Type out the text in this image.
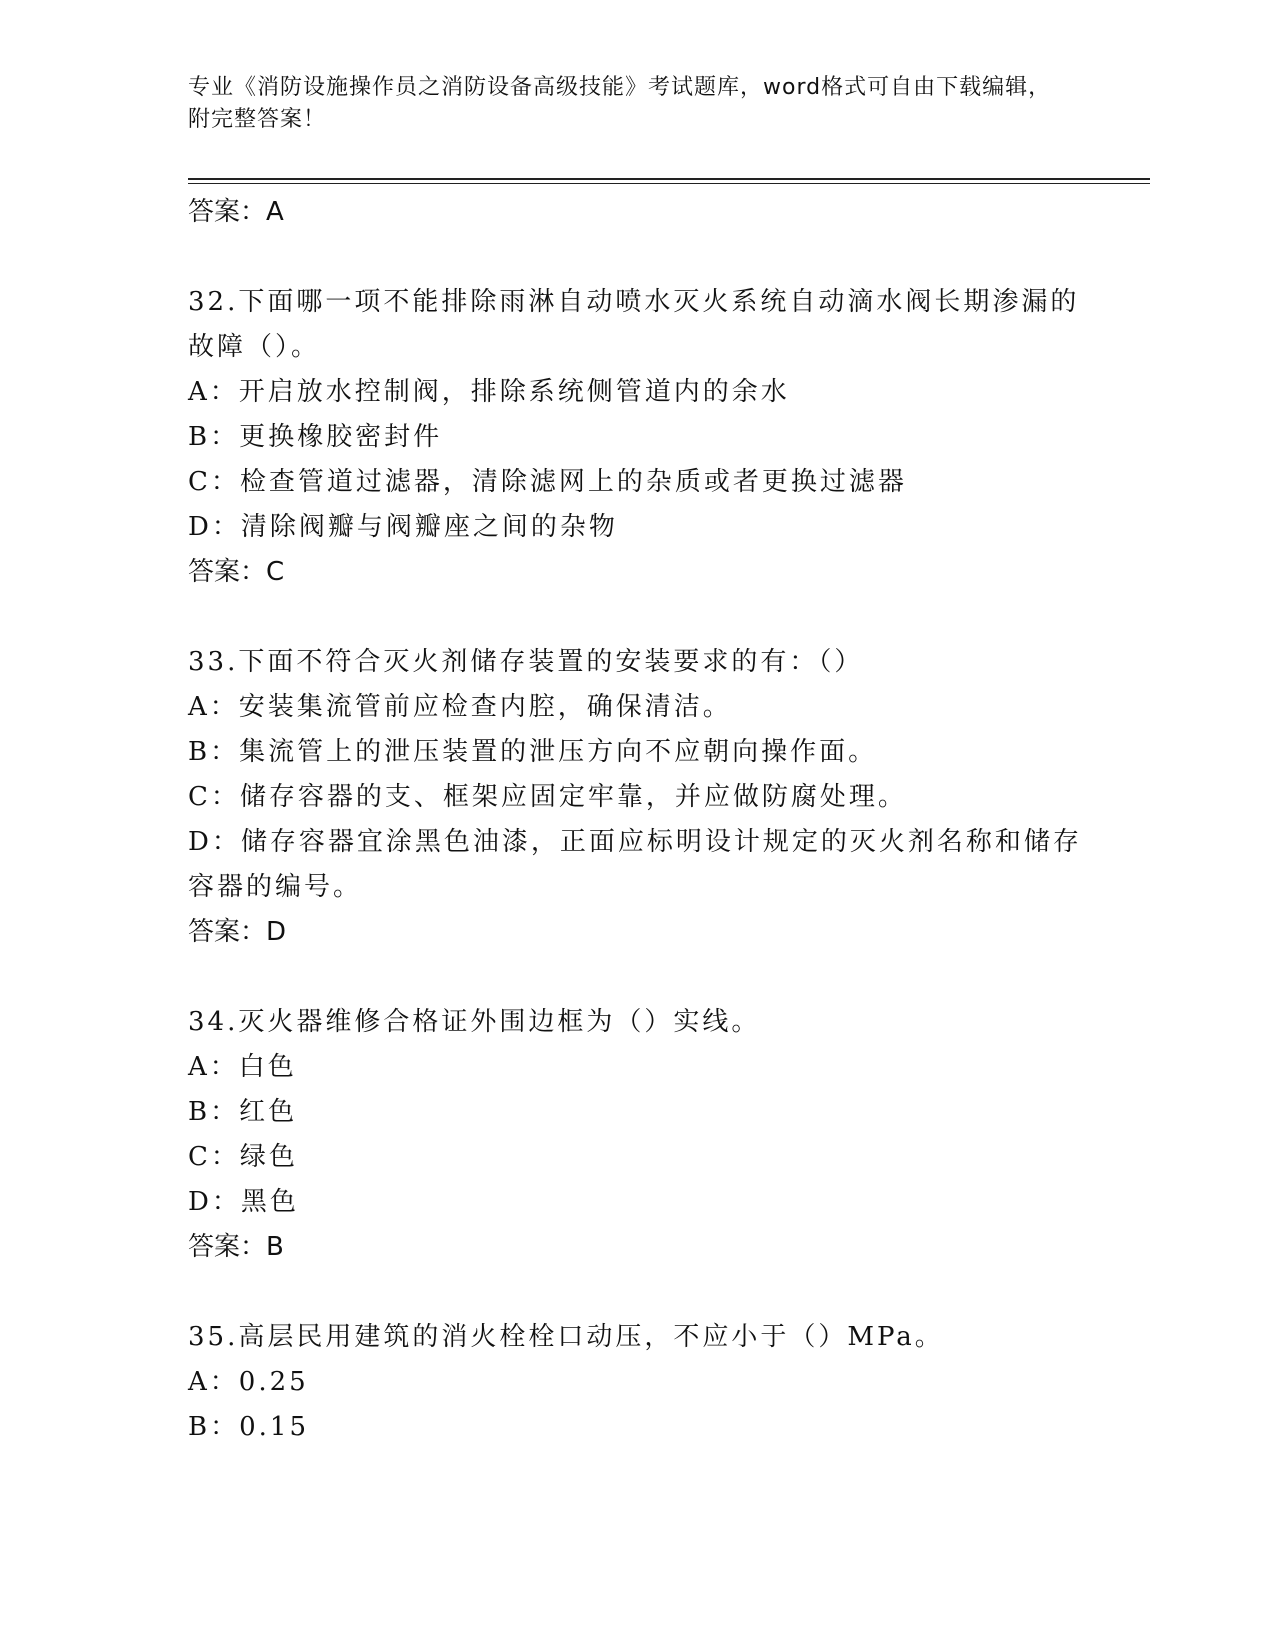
专业《消防设施操作员之消防设备高级技能》考试题库，word格式可自由下载编辑，附完整答案！
答案：A
32.下面哪一项不能排除雨淋自动喷水灭火系统自动滴水阀长期渗漏的
故障（）。
A：开启放水控制阀，排除系统侧管道内的余水
B：更换橡胶密封件
C：检查管道过滤器，清除滤网上的杂质或者更换过滤器
D：清除阀瓣与阀瓣座之间的杂物
答案：C
33.下面不符合灭火剂储存装置的安装要求的有：（）
A：安装集流管前应检查内腔，确保清洁。
B：集流管上的泄压装置的泄压方向不应朝向操作面。
C：储存容器的支、框架应固定牢靠，并应做防腐处理。
D：储存容器宜涂黑色油漆，正面应标明设计规定的灭火剂名称和储存
容器的编号。
答案：D
34.灭火器维修合格证外围边框为（）实线。
A：白色
B：红色
C：绿色
D：黑色
答案：B
35.高层民用建筑的消火栓栓口动压，不应小于（）MPa。
A：0.25
B：0.15
